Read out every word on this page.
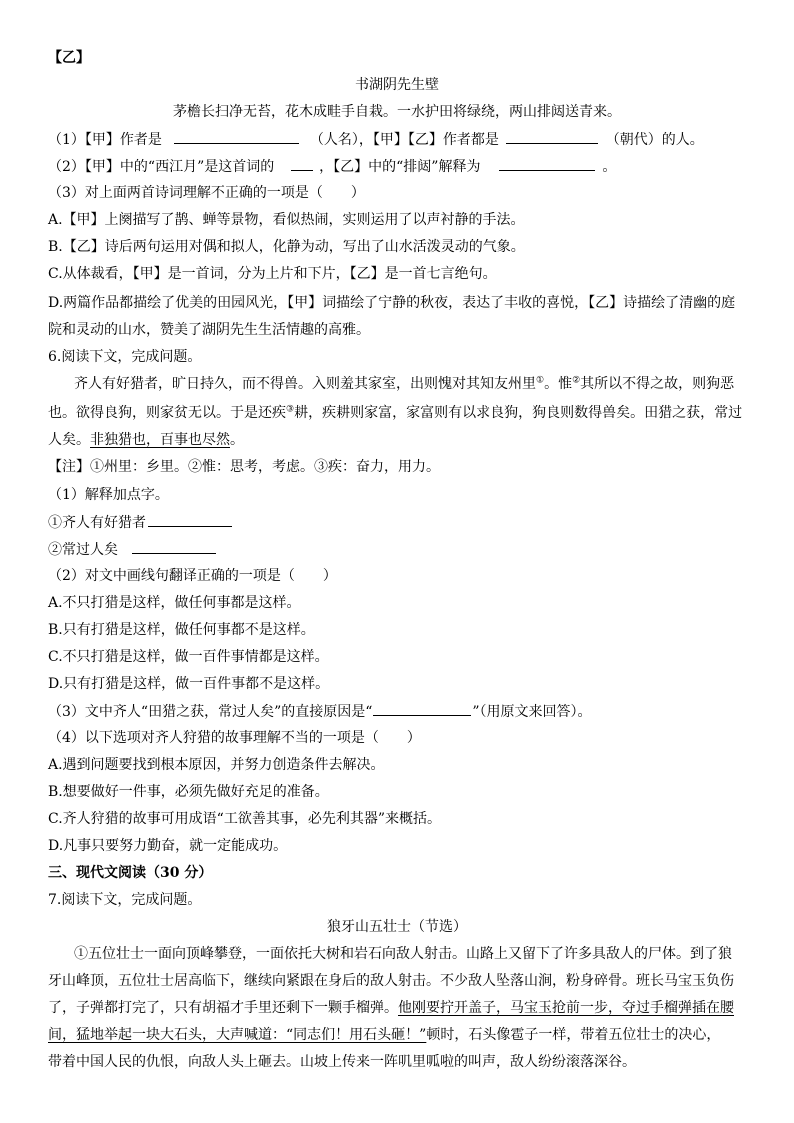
【乙】
书湖阴先生壁
茅檐长扫净无苔，花木成畦手自栽。一水护田将绿绕，两山排闼送青来。
（1）【甲】作者是	（人名），【甲】【乙】作者都是	（朝代）的人。
（2）【甲】中的“西江月”是这首词的	，【乙】中的“排闼”解释为	。
（3）对上面两首诗词理解不正确的一项是（　　）
A.【甲】上阕描写了鹊、蝉等景物，看似热闹，实则运用了以声衬静的手法。
B.【乙】诗后两句运用对偶和拟人，化静为动，写出了山水活泼灵动的气象。
C.从体裁看，【甲】是一首词，分为上片和下片，【乙】是一首七言绝句。
D.两篇作品都描绘了优美的田园风光，【甲】词描绘了宁静的秋夜，表达了丰收的喜悦，【乙】诗描绘了清幽的庭
院和灵动的山水，赞美了湖阴先生生活情趣的高雅。
6.阅读下文，完成问题。
齐人有好猎者，旷日持久，而不得兽。入则羞其家室，出则愧对其知友州里①。惟②其所以不得之故，则狗恶
也。欲得良狗，则家贫无以。于是还疾③耕，疾耕则家富，家富则有以求良狗，狗良则数得兽矣。田猎之获，常过
人矣。非独猎也，百事也尽然。
【注】①州里：乡里。②惟：思考，考虑。③疾：奋力，用力。
（1）解释加点字。
①齐人有好猎者
②常过人矣
（2）对文中画线句翻译正确的一项是（　　）
A.不只打猎是这样，做任何事都是这样。
B.只有打猎是这样，做任何事都不是这样。
C.不只打猎是这样，做一百件事情都是这样。
D.只有打猎是这样，做一百件事都不是这样。
（3）文中齐人“田猎之获，常过人矣”的直接原因是“	”（用原文来回答）。
（4）以下选项对齐人狩猎的故事理解不当的一项是（　　）
A.遇到问题要找到根本原因，并努力创造条件去解决。
B.想要做好一件事，必须先做好充足的准备。
C.齐人狩猎的故事可用成语“工欲善其事，必先利其器”来概括。
D.凡事只要努力勤奋，就一定能成功。
三、现代文阅读（30 分）
7.阅读下文，完成问题。
狼牙山五壮士（节选）
①五位壮士一面向顶峰攀登，一面依托大树和岩石向敌人射击。山路上又留下了许多具敌人的尸体。到了狼
牙山峰顶，五位壮士居高临下，继续向紧跟在身后的敌人射击。不少敌人坠落山涧，粉身碎骨。班长马宝玉负伤
了，子弹都打完了，只有胡福才手里还剩下一颗手榴弹。他刚要拧开盖子，马宝玉抢前一步，夺过手榴弹插在腰
间，猛地举起一块大石头，大声喊道：“同志们！用石头砸！”顿时，石头像雹子一样，带着五位壮士的决心，
带着中国人民的仇恨，向敌人头上砸去。山坡上传来一阵叽里呱啦的叫声，敌人纷纷滚落深谷。
